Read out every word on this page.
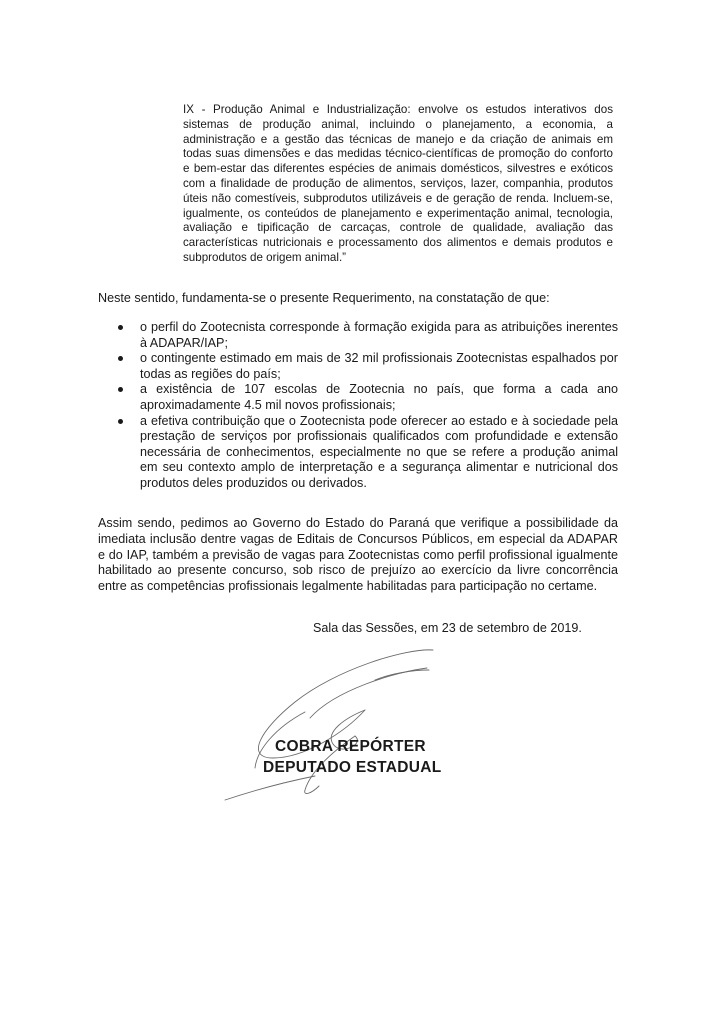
IX - Produção Animal e Industrialização: envolve os estudos interativos dos sistemas de produção animal, incluindo o planejamento, a economia, a administração e a gestão das técnicas de manejo e da criação de animais em todas suas dimensões e das medidas técnico-científicas de promoção do conforto e bem-estar das diferentes espécies de animais domésticos, silvestres e exóticos com a finalidade de produção de alimentos, serviços, lazer, companhia, produtos úteis não comestíveis, subprodutos utilizáveis e de geração de renda. Incluem-se, igualmente, os conteúdos de planejamento e experimentação animal, tecnologia, avaliação e tipificação de carcaças, controle de qualidade, avaliação das características nutricionais e processamento dos alimentos e demais produtos e subprodutos de origem animal.”

Neste sentido, fundamenta-se o presente Requerimento, na constatação de que:

o perfil do Zootecnista corresponde à formação exigida para as atribuições inerentes à ADAPAR/IAP;
o contingente estimado em mais de 32 mil profissionais Zootecnistas espalhados por todas as regiões do país;
a existência de 107 escolas de Zootecnia no país, que forma a cada ano aproximadamente 4.5 mil novos profissionais;
a efetiva contribuição que o Zootecnista pode oferecer ao estado e à sociedade pela prestação de serviços por profissionais qualificados com profundidade e extensão necessária de conhecimentos, especialmente no que se refere a produção animal em seu contexto amplo de interpretação e a segurança alimentar e nutricional dos produtos deles produzidos ou derivados.

Assim sendo, pedimos ao Governo do Estado do Paraná que verifique a possibilidade da imediata inclusão dentre vagas de Editais de Concursos Públicos, em especial da ADAPAR e do IAP, também a previsão de vagas para Zootecnistas como perfil profissional igualmente habilitado ao presente concurso, sob risco de prejuízo ao exercício da livre concorrência entre as competências profissionais legalmente habilitadas para participação no certame.

Sala das Sessões, em 23 de setembro de 2019.

COBRA REPÓRTER

DEPUTADO ESTADUAL
